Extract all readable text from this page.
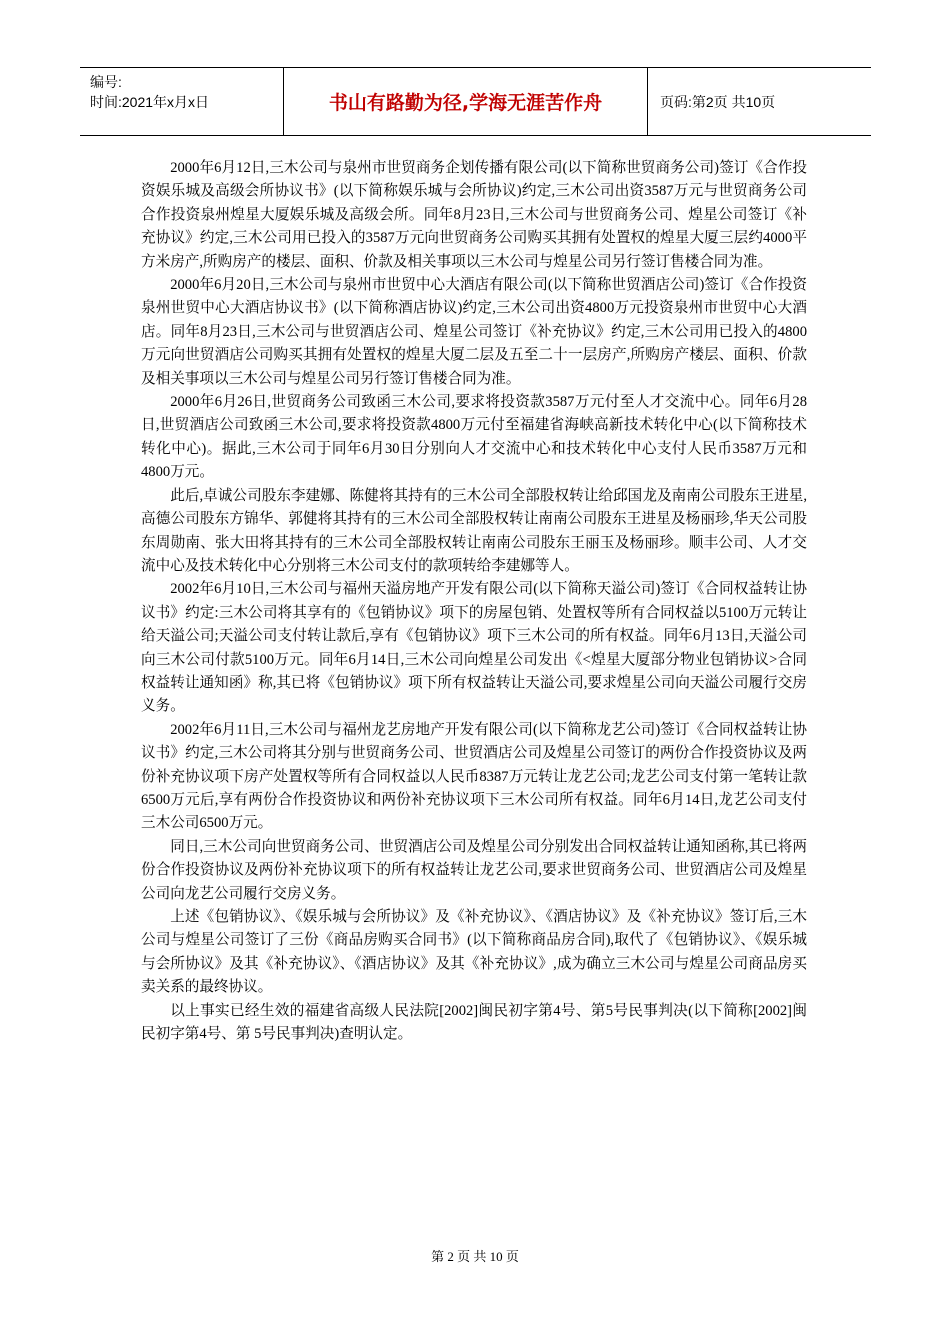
编号:
时间:2021年x月x日	书山有路勤为径,学海无涯苦作舟	页码:第2页 共10页

2000年6月12日,三木公司与泉州市世贸商务企划传播有限公司(以下简称世贸商务公司)签订《合作投资娱乐城及高级会所协议书》(以下简称娱乐城与会所协议)约定,三木公司出资3587万元与世贸商务公司合作投资泉州煌星大厦娱乐城及高级会所。同年8月23日,三木公司与世贸商务公司、煌星公司签订《补充协议》约定,三木公司用已投入的3587万元向世贸商务公司购买其拥有处置权的煌星大厦三层约4000平方米房产,所购房产的楼层、面积、价款及相关事项以三木公司与煌星公司另行签订售楼合同为准。

2000年6月20日,三木公司与泉州市世贸中心大酒店有限公司(以下简称世贸酒店公司)签订《合作投资泉州世贸中心大酒店协议书》(以下简称酒店协议)约定,三木公司出资4800万元投资泉州市世贸中心大酒店。同年8月23日,三木公司与世贸酒店公司、煌星公司签订《补充协议》约定,三木公司用已投入的4800万元向世贸酒店公司购买其拥有处置权的煌星大厦二层及五至二十一层房产,所购房产楼层、面积、价款及相关事项以三木公司与煌星公司另行签订售楼合同为准。

2000年6月26日,世贸商务公司致函三木公司,要求将投资款3587万元付至人才交流中心。同年6月28日,世贸酒店公司致函三木公司,要求将投资款4800万元付至福建省海峡高新技术转化中心(以下简称技术转化中心)。据此,三木公司于同年6月30日分别向人才交流中心和技术转化中心支付人民币3587万元和4800万元。

此后,卓诚公司股东李建娜、陈健将其持有的三木公司全部股权转让给邱国龙及南南公司股东王进星,高德公司股东方锦华、郭健将其持有的三木公司全部股权转让南南公司股东王进星及杨丽珍,华天公司股东周勋南、张大田将其持有的三木公司全部股权转让南南公司股东王丽玉及杨丽珍。顺丰公司、人才交流中心及技术转化中心分别将三木公司支付的款项转给李建娜等人。

2002年6月10日,三木公司与福州天溢房地产开发有限公司(以下简称天溢公司)签订《合同权益转让协议书》约定:三木公司将其享有的《包销协议》项下的房屋包销、处置权等所有合同权益以5100万元转让给天溢公司;天溢公司支付转让款后,享有《包销协议》项下三木公司的所有权益。同年6月13日,天溢公司向三木公司付款5100万元。同年6月14日,三木公司向煌星公司发出《<煌星大厦部分物业包销协议>合同权益转让通知函》称,其已将《包销协议》项下所有权益转让天溢公司,要求煌星公司向天溢公司履行交房义务。

2002年6月11日,三木公司与福州龙艺房地产开发有限公司(以下简称龙艺公司)签订《合同权益转让协议书》约定,三木公司将其分别与世贸商务公司、世贸酒店公司及煌星公司签订的两份合作投资协议及两份补充协议项下房产处置权等所有合同权益以人民币8387万元转让龙艺公司;龙艺公司支付第一笔转让款6500万元后,享有两份合作投资协议和两份补充协议项下三木公司所有权益。同年6月14日,龙艺公司支付三木公司6500万元。

同日,三木公司向世贸商务公司、世贸酒店公司及煌星公司分别发出合同权益转让通知函称,其已将两份合作投资协议及两份补充协议项下的所有权益转让龙艺公司,要求世贸商务公司、世贸酒店公司及煌星公司向龙艺公司履行交房义务。

上述《包销协议》、《娱乐城与会所协议》及《补充协议》、《酒店协议》及《补充协议》签订后,三木公司与煌星公司签订了三份《商品房购买合同书》(以下简称商品房合同),取代了《包销协议》、《娱乐城与会所协议》及其《补充协议》、《酒店协议》及其《补充协议》,成为确立三木公司与煌星公司商品房买卖关系的最终协议。

以上事实已经生效的福建省高级人民法院[2002]闽民初字第4号、第5号民事判决(以下简称[2002]闽民初字第4号、第 5号民事判决)查明认定。

第 2 页 共 10 页
